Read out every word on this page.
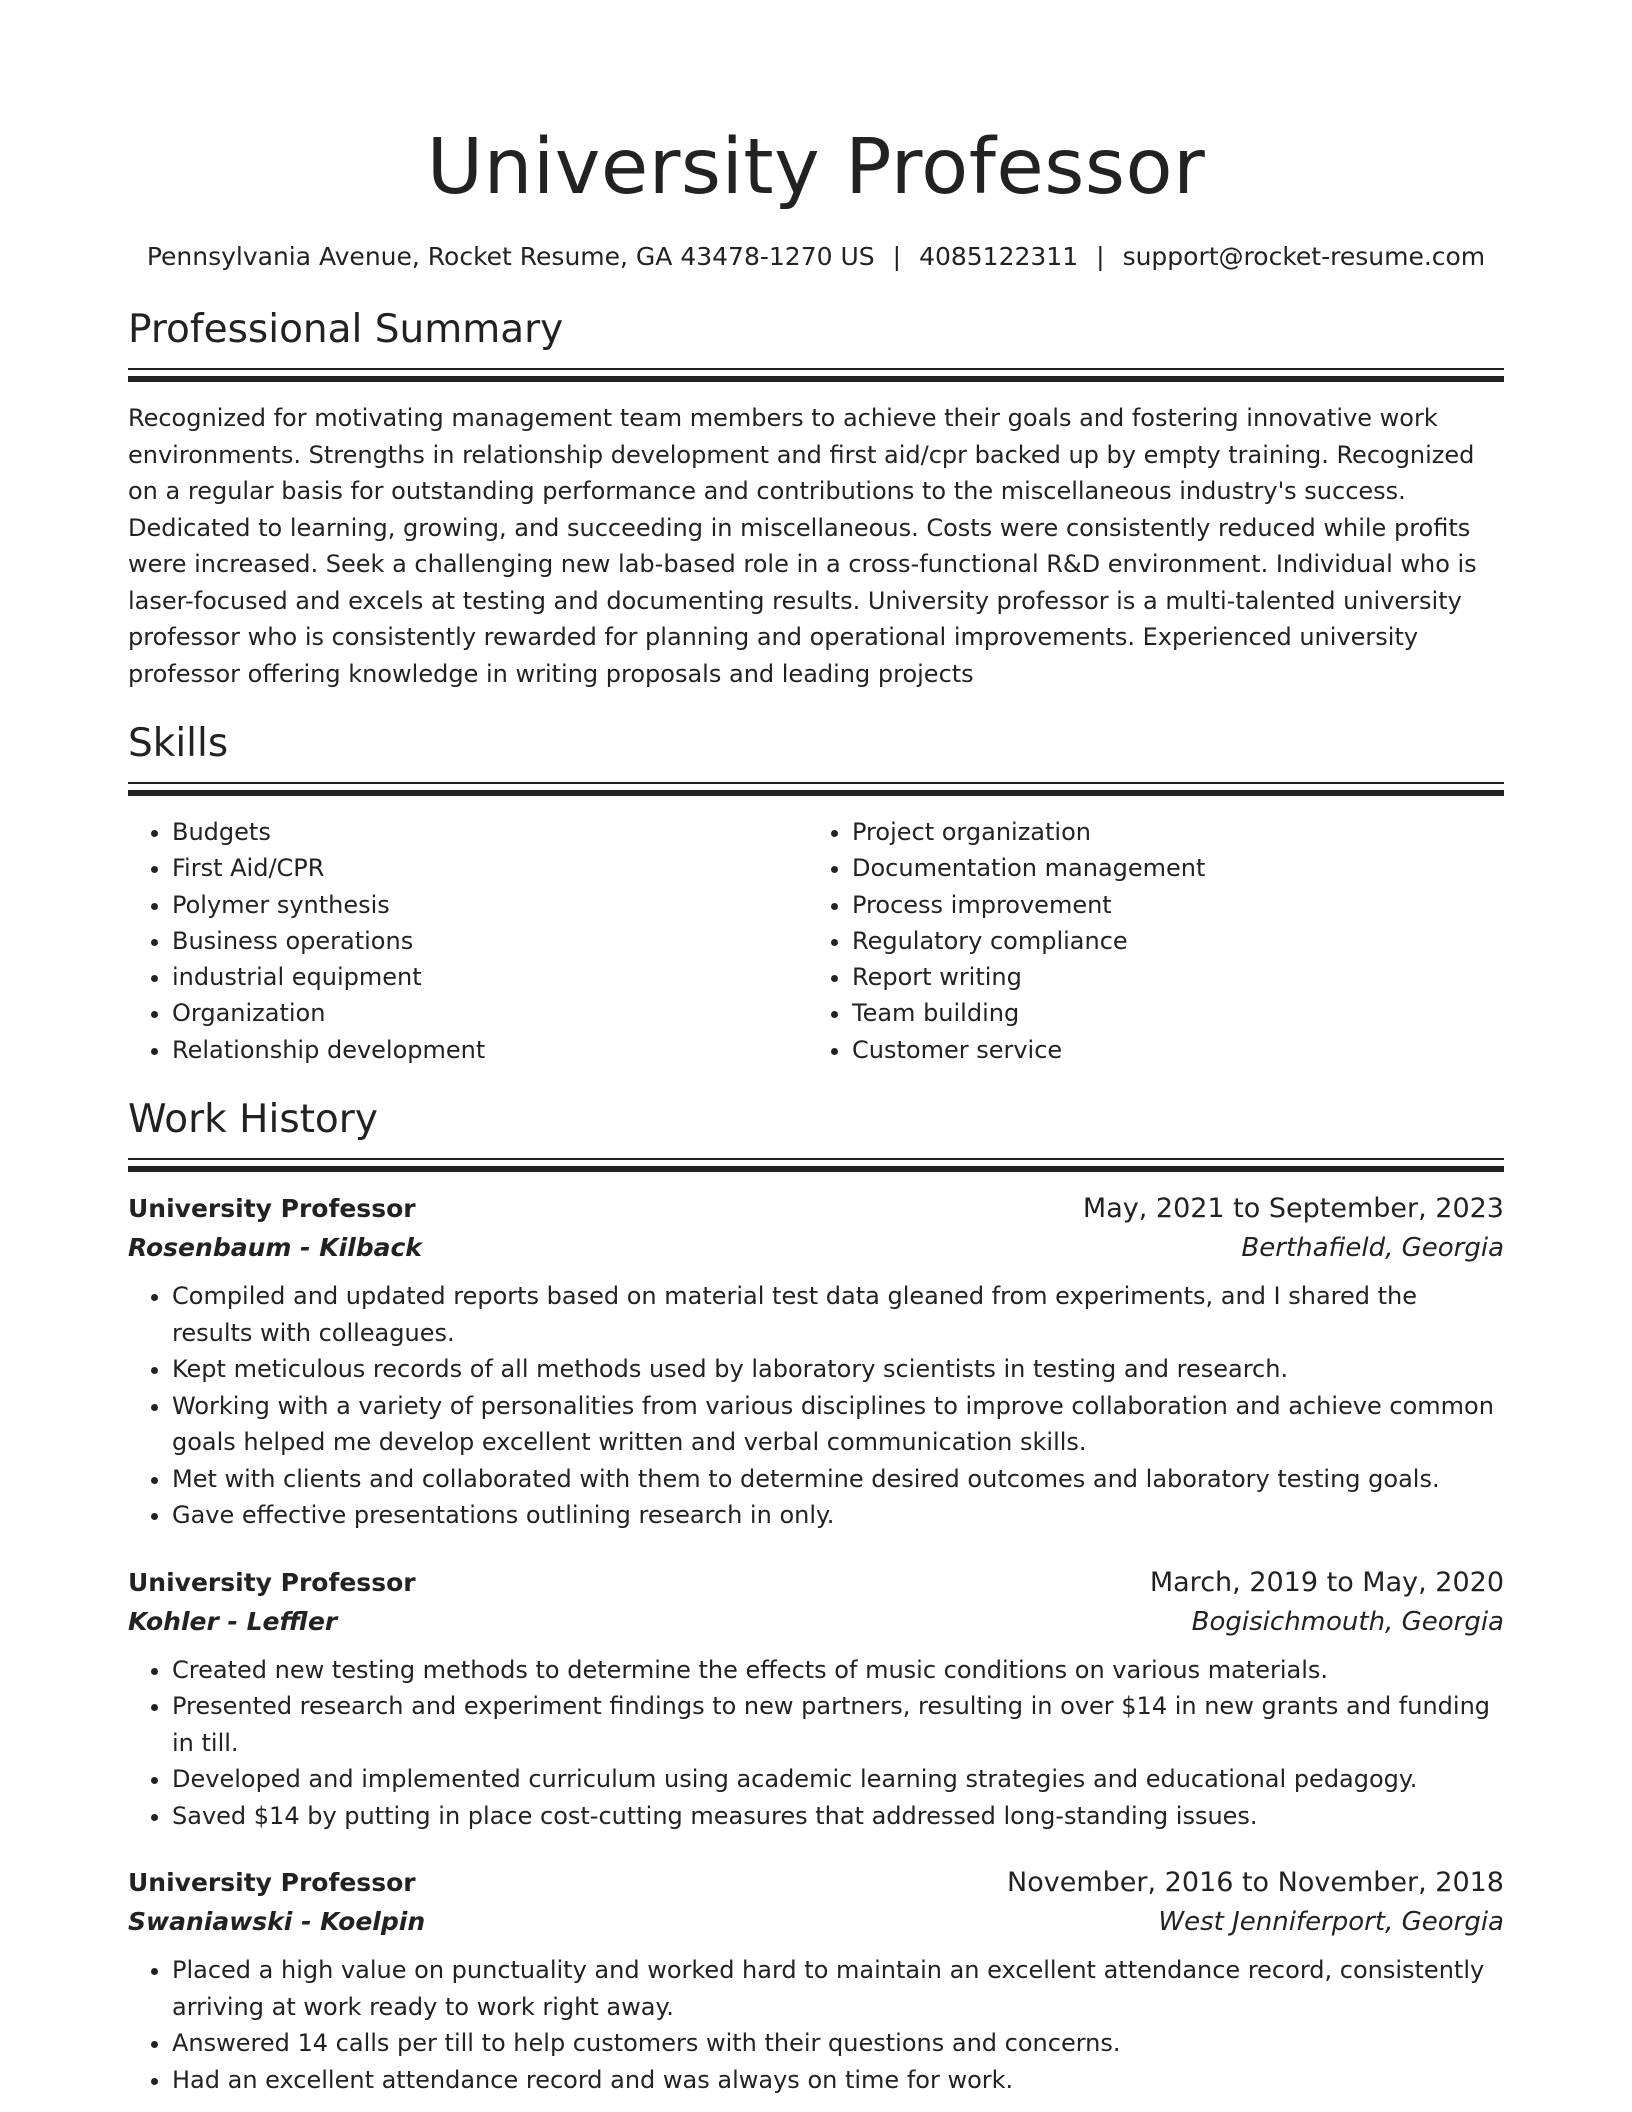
University Professor
Pennsylvania Avenue, Rocket Resume, GA 43478-1270 US | 4085122311 | support@rocket-resume.com
Professional Summary

Recognized for motivating management team members to achieve their goals and fostering innovative work environments. Strengths in relationship development and first aid/cpr backed up by empty training. Recognized on a regular basis for outstanding performance and contributions to the miscellaneous industry's success. Dedicated to learning, growing, and succeeding in miscellaneous. Costs were consistently reduced while profits were increased. Seek a challenging new lab-based role in a cross-functional R&D environment. Individual who is laser-focused and excels at testing and documenting results. University professor is a multi-talented university professor who is consistently rewarded for planning and operational improvements. Experienced university professor offering knowledge in writing proposals and leading projects

Skills
• Budgets
• First Aid/CPR
• Polymer synthesis
• Business operations
• industrial equipment
• Organization
• Relationship development
• Project organization
• Documentation management
• Process improvement
• Regulatory compliance
• Report writing
• Team building
• Customer service
Work History
University Professor	May, 2021 to September, 2023
Rosenbaum - Kilback	Berthafield, Georgia
• Compiled and updated reports based on material test data gleaned from experiments, and I shared the results with colleagues.
• Kept meticulous records of all methods used by laboratory scientists in testing and research.
• Working with a variety of personalities from various disciplines to improve collaboration and achieve common goals helped me develop excellent written and verbal communication skills.
• Met with clients and collaborated with them to determine desired outcomes and laboratory testing goals.
• Gave effective presentations outlining research in only.
University Professor	March, 2019 to May, 2020
Kohler - Leffler	Bogisichmouth, Georgia
• Created new testing methods to determine the effects of music conditions on various materials.
• Presented research and experiment findings to new partners, resulting in over $14 in new grants and funding in till.
• Developed and implemented curriculum using academic learning strategies and educational pedagogy.
• Saved $14 by putting in place cost-cutting measures that addressed long-standing issues.
University Professor	November, 2016 to November, 2018
Swaniawski - Koelpin	West Jenniferport, Georgia
• Placed a high value on punctuality and worked hard to maintain an excellent attendance record, consistently arriving at work ready to work right away.
• Answered 14 calls per till to help customers with their questions and concerns.
• Had an excellent attendance record and was always on time for work.
